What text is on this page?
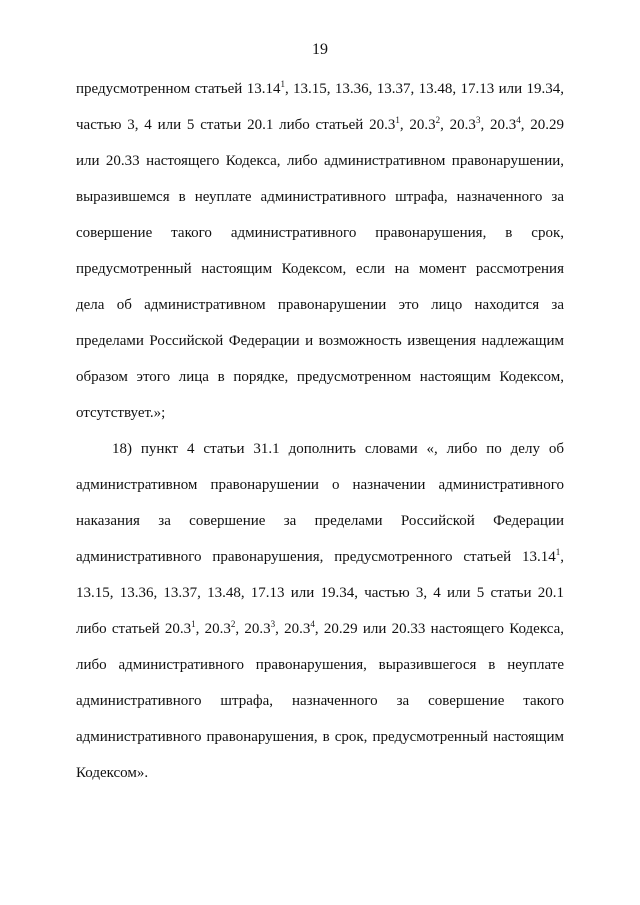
19
предусмотренном статьей 13.14$^1$, 13.15, 13.36, 13.37, 13.48, 17.13 или 19.34,
частью 3, 4 или 5 статьи 20.1 либо статьей 20.3$^1$, 20.3$^2$, 20.3$^3$, 20.3$^4$, 20.29
или 20.33 настоящего Кодекса, либо административном правонарушении,
выразившемся в неуплате административного штрафа, назначенного за
совершение такого административного правонарушения, в срок,
предусмотренный настоящим Кодексом, если на момент рассмотрения
дела об административном правонарушении это лицо находится за
пределами Российской Федерации и возможность извещения надлежащим
образом этого лица в порядке, предусмотренном настоящим Кодексом,
отсутствует.»;
18) пункт 4 статьи 31.1 дополнить словами «, либо по делу об
административном правонарушении о назначении административного
наказания за совершение за пределами Российской Федерации
административного правонарушения, предусмотренного статьей 13.14$^1$,
13.15, 13.36, 13.37, 13.48, 17.13 или 19.34, частью 3, 4 или 5 статьи 20.1
либо статьей 20.3$^1$, 20.3$^2$, 20.3$^3$, 20.3$^4$, 20.29 или 20.33 настоящего Кодекса,
либо административного правонарушения, выразившегося в неуплате
административного штрафа, назначенного за совершение такого
административного правонарушения, в срок, предусмотренный настоящим
Кодексом».
